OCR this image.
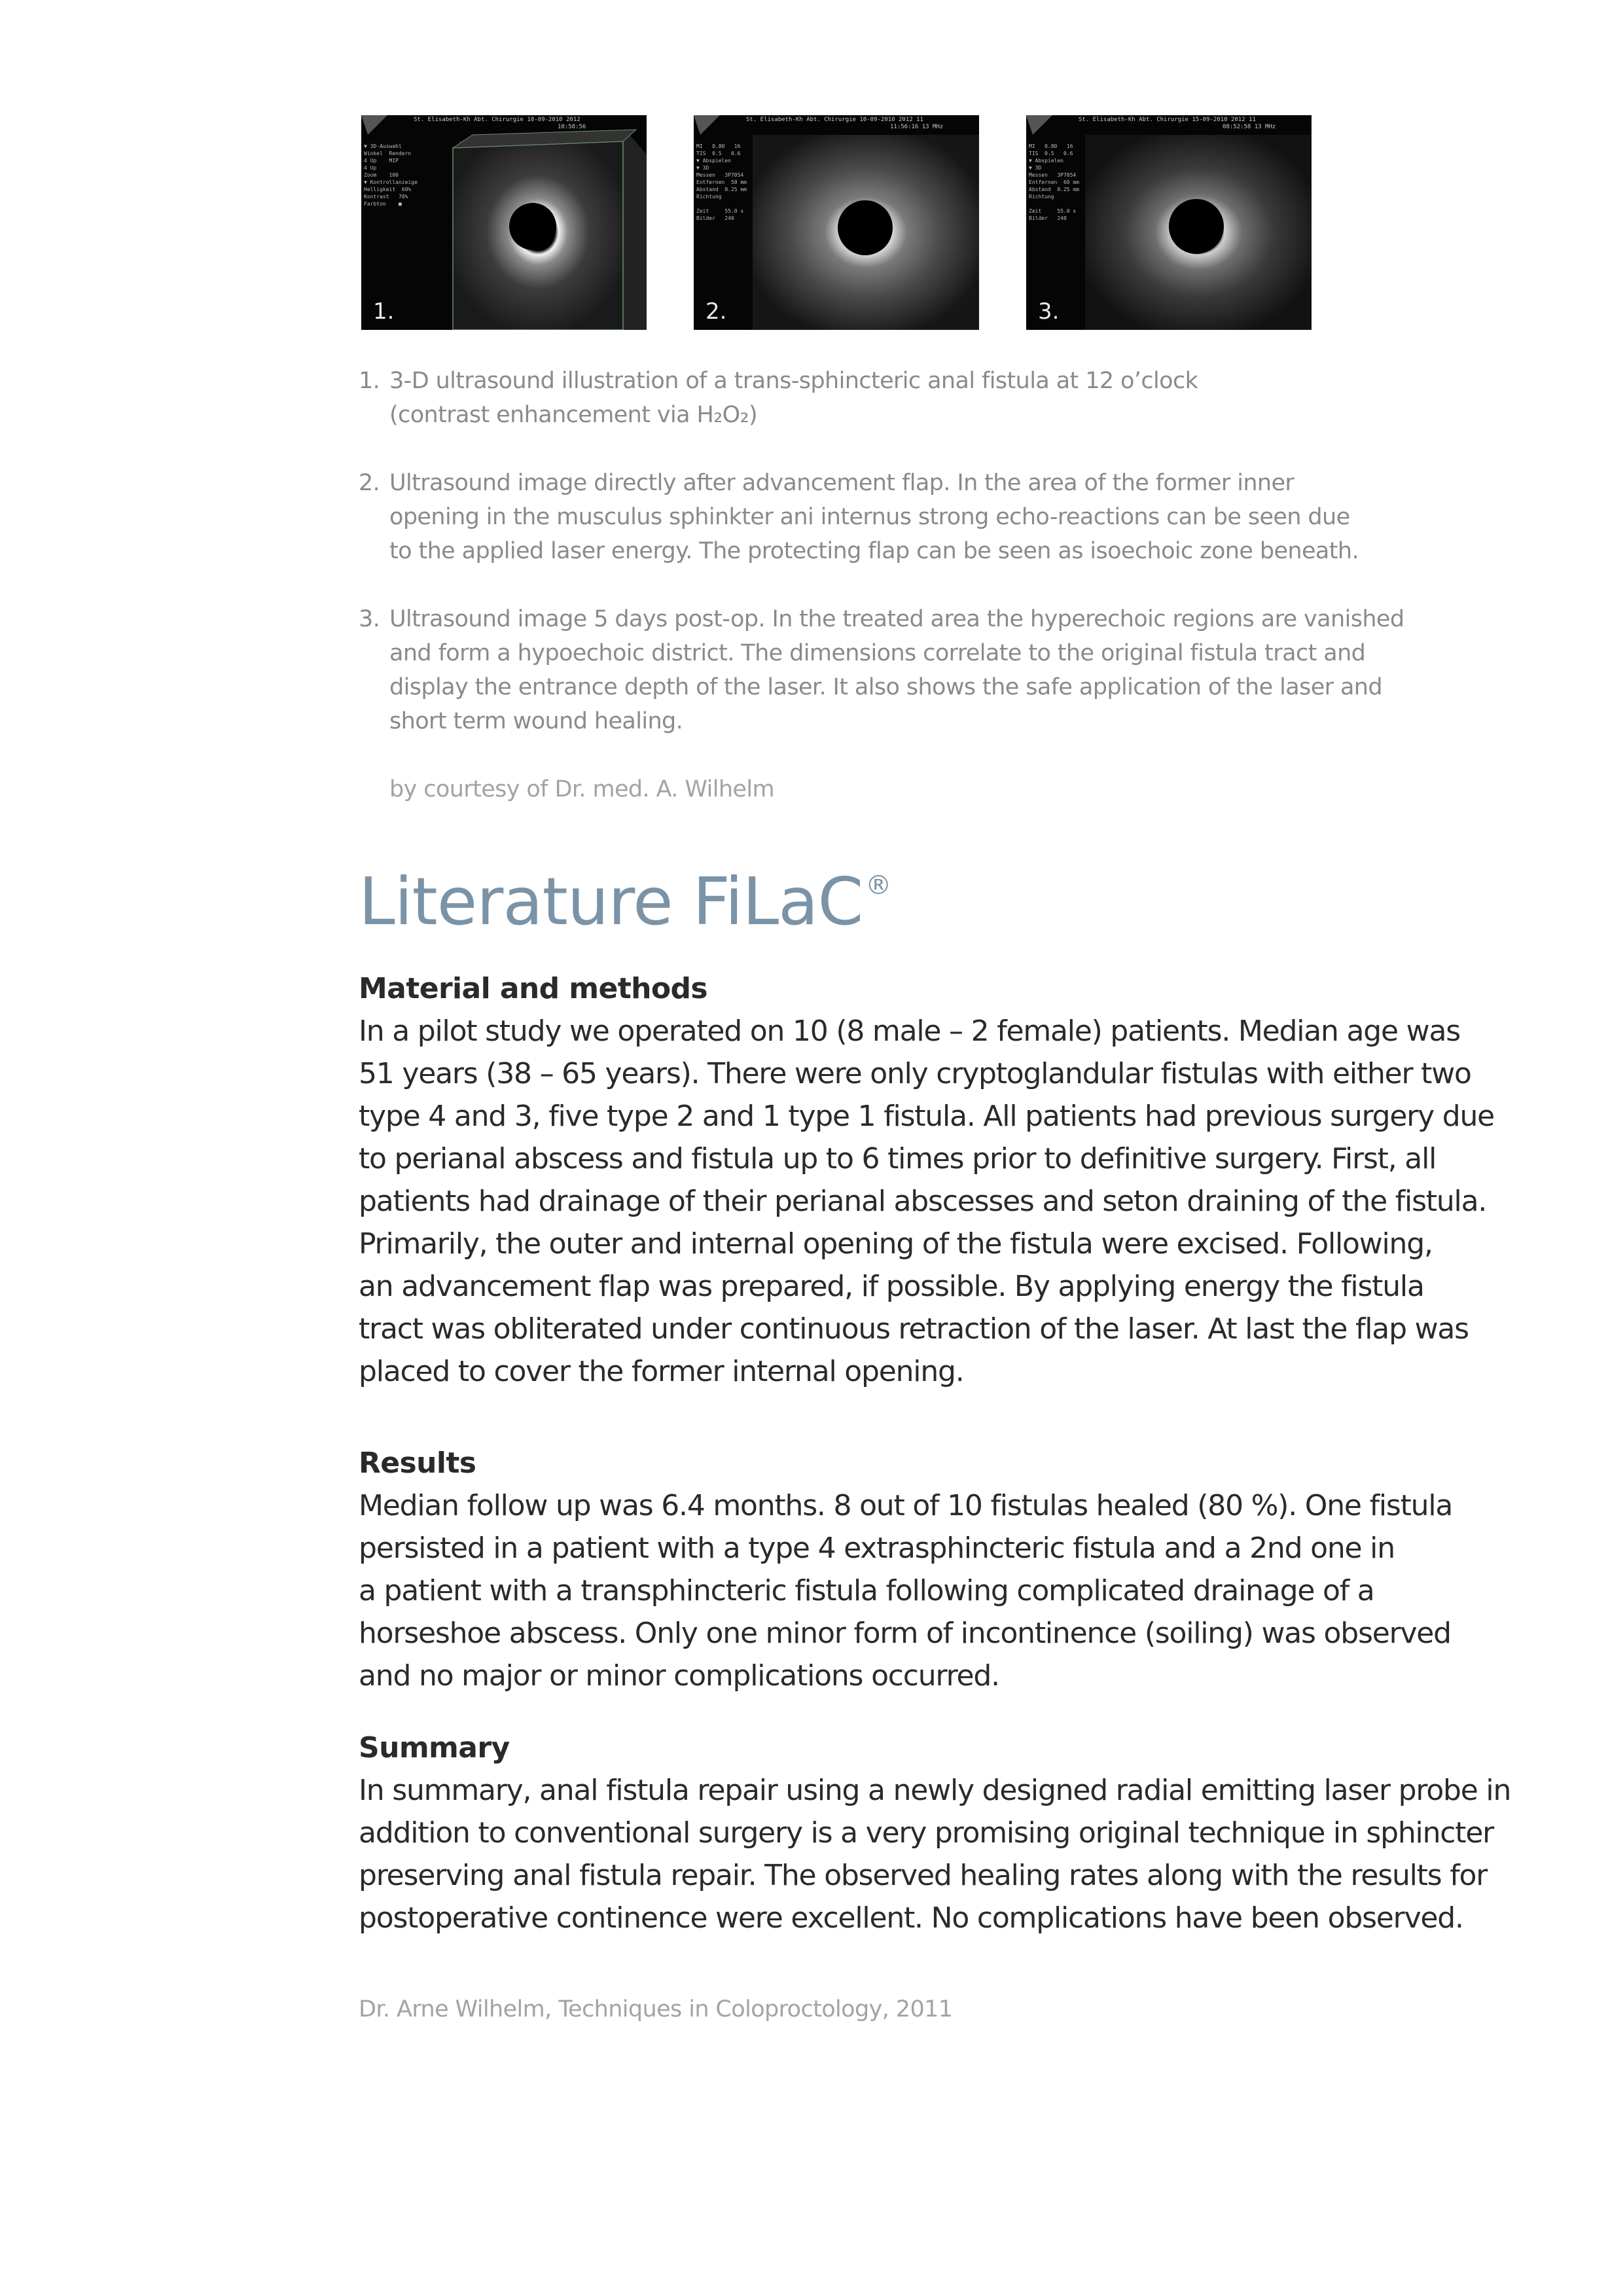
St. Elisabeth-Kh Abt. Chirurgie 10-09-2010 2012
10:58:56
▼ 3D-Auswahl
Winkel  Rendern
4 Up    MIP
4 Up
Zoom    100
▼ Kontrollanzeige
Helligkeit  60%
Kontrast   70%
Farbton    ■
1.
St. Elisabeth-Kh Abt. Chirurgie 10-09-2010 2012 11
11:56:16 13 MHz
MI   0.80   16
TIS  0.5   0.6
▼ Abspielen
▼ 3D
Messen   3P7054
Entfernen  50 mm
Abstand  0.25 mm
Richtung

Zeit     55.0 s
Bilder   240
2.
St. Elisabeth-Kh Abt. Chirurgie 15-09-2010 2012 11
08:52:58 13 MHz
MI   0.80   16
TIS  0.5   0.6
▼ Abspielen
▼ 3D
Messen   3P7054
Entfernen  60 mm
Abstand  0.25 mm
Richtung

Zeit     55.0 s
Bilder   240
3.
1. 3-D ultrasound illustration of a trans-sphincteric anal fistula at 12 o’clock
(contrast enhancement via H₂O₂)
2. Ultrasound image directly after advancement flap. In the area of the former inner
opening in the musculus sphinkter ani internus strong echo-reactions can be seen due
to the applied laser energy. The protecting flap can be seen as isoechoic zone beneath.
3. Ultrasound image 5 days post-op. In the treated area the hyperechoic regions are vanished
and form a hypoechoic district. The dimensions correlate to the original fistula tract and
display the entrance depth of the laser. It also shows the safe application of the laser and
short term wound healing.
by courtesy of Dr. med. A. Wilhelm
Literature FiLaC ®
Material and methods
In a pilot study we operated on 10 (8 male – 2 female) patients. Median age was
51 years (38 – 65 years). There were only cryptoglandular fistulas with either two
type 4 and 3, five type 2 and 1 type 1 fistula. All patients had previous surgery due
to perianal abscess and fistula up to 6 times prior to definitive surgery. First, all
patients had drainage of their perianal abscesses and seton draining of the fistula.
Primarily, the outer and internal opening of the fistula were excised. Following,
an advancement flap was prepared, if possible. By applying energy the fistula
tract was obliterated under continuous retraction of the laser. At last the flap was
placed to cover the former internal opening.
Results
Median follow up was 6.4 months. 8 out of 10 fistulas healed (80 %). One fistula
persisted in a patient with a type 4 extrasphincteric fistula and a 2nd one in
a patient with a transphincteric fistula following complicated drainage of a
horseshoe abscess. Only one minor form of incontinence (soiling) was observed
and no major or minor complications occurred.
Summary
In summary, anal fistula repair using a newly designed radial emitting laser probe in
addition to conventional surgery is a very promising original technique in sphincter
preserving anal fistula repair. The observed healing rates along with the results for
postoperative continence were excellent. No complications have been observed.
Dr. Arne Wilhelm, Techniques in Coloproctology, 2011
